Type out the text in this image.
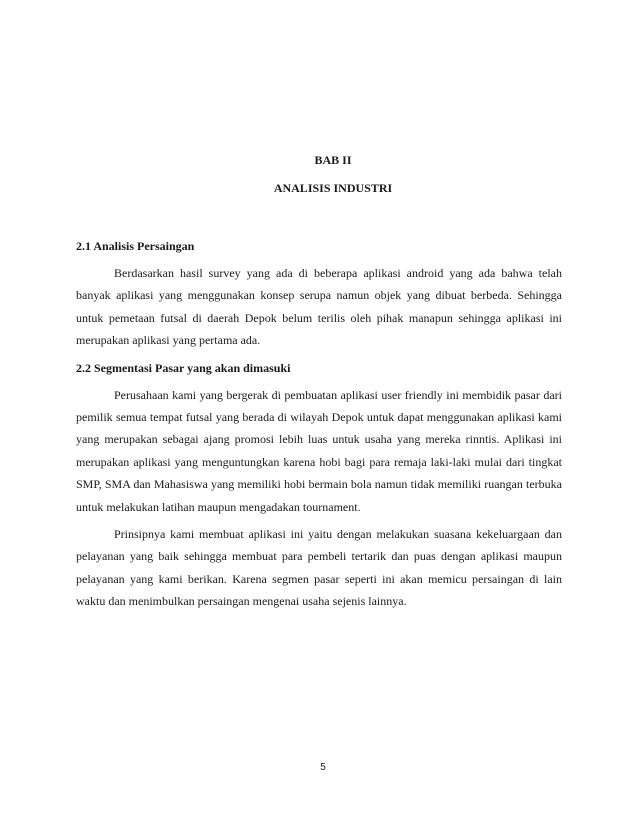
BAB II
ANALISIS INDUSTRI
2.1 Analisis Persaingan

Berdasarkan hasil survey yang ada di beberapa aplikasi android yang ada bahwa telah banyak aplikasi yang menggunakan konsep serupa namun objek yang dibuat berbeda. Sehingga untuk pemetaan futsal di daerah Depok belum terilis oleh pihak manapun sehingga aplikasi ini merupakan aplikasi yang pertama ada.

2.2 Segmentasi Pasar yang akan dimasuki

Perusahaan kami yang bergerak di pembuatan aplikasi user friendly ini membidik pasar dari pemilik semua tempat futsal yang berada di wilayah Depok untuk dapat menggunakan aplikasi kami yang merupakan sebagai ajang promosi lebih luas untuk usaha yang mereka rinntis. Aplikasi ini merupakan aplikasi yang menguntungkan karena hobi bagi para remaja laki-laki mulai dari tingkat SMP, SMA dan Mahasiswa yang memiliki hobi bermain bola namun tidak memiliki ruangan terbuka untuk melakukan latihan maupun mengadakan tournament.

Prinsipnya kami membuat aplikasi ini yaitu dengan melakukan suasana kekeluargaan dan pelayanan yang baik sehingga membuat para pembeli tertarik dan puas dengan aplikasi maupun pelayanan yang kami berikan. Karena segmen pasar seperti ini akan memicu persaingan di lain waktu dan menimbulkan persaingan mengenai usaha sejenis lainnya.

5
